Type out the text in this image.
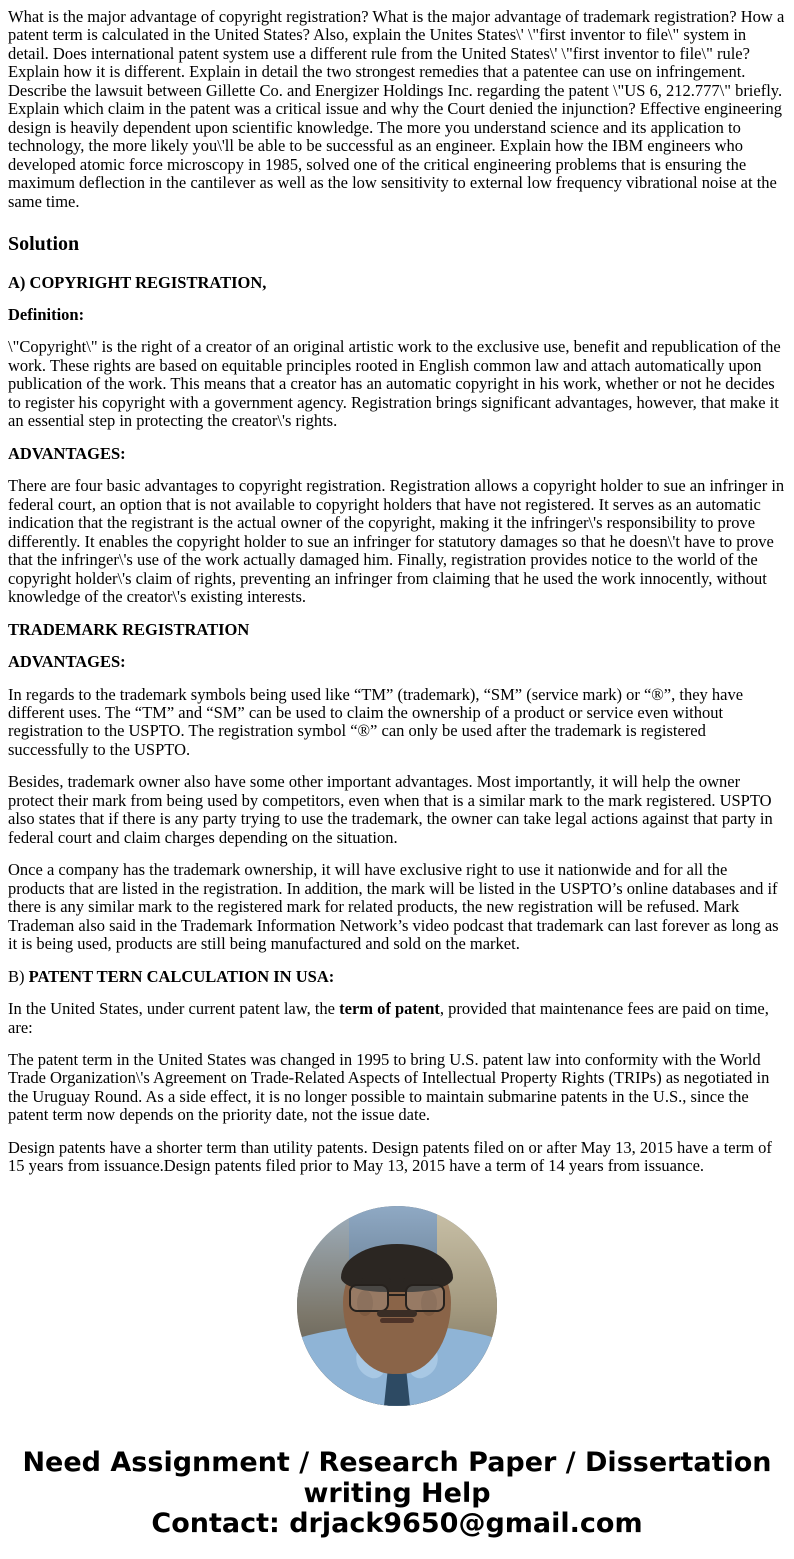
What is the major advantage of copyright registration? What is the major advantage of trademark registration? How a patent term is calculated in the United States? Also, explain the Unites States\' \"first inventor to file\" system in detail. Does international patent system use a different rule from the United States\' \"first inventor to file\" rule? Explain how it is different. Explain in detail the two strongest remedies that a patentee can use on infringement. Describe the lawsuit between Gillette Co. and Energizer Holdings Inc. regarding the patent \"US 6, 212.777\" briefly. Explain which claim in the patent was a critical issue and why the Court denied the injunction? Effective engineering design is heavily dependent upon scientific knowledge. The more you understand science and its application to technology, the more likely you\'ll be able to be successful as an engineer. Explain how the IBM engineers who developed atomic force microscopy in 1985, solved one of the critical engineering problems that is ensuring the maximum deflection in the cantilever as well as the low sensitivity to external low frequency vibrational noise at the same time.

Solution

A) COPYRIGHT REGISTRATION,

Definition:

\"Copyright\" is the right of a creator of an original artistic work to the exclusive use, benefit and republication of the work. These rights are based on equitable principles rooted in English common law and attach automatically upon publication of the work. This means that a creator has an automatic copyright in his work, whether or not he decides to register his copyright with a government agency. Registration brings significant advantages, however, that make it an essential step in protecting the creator\'s rights.

ADVANTAGES:

There are four basic advantages to copyright registration. Registration allows a copyright holder to sue an infringer in federal court, an option that is not available to copyright holders that have not registered. It serves as an automatic indication that the registrant is the actual owner of the copyright, making it the infringer\'s responsibility to prove differently. It enables the copyright holder to sue an infringer for statutory damages so that he doesn\'t have to prove that the infringer\'s use of the work actually damaged him. Finally, registration provides notice to the world of the copyright holder\'s claim of rights, preventing an infringer from claiming that he used the work innocently, without knowledge of the creator\'s existing interests.

TRADEMARK REGISTRATION

ADVANTAGES:

In regards to the trademark symbols being used like “TM” (trademark), “SM” (service mark) or “®”, they have different uses. The “TM” and “SM” can be used to claim the ownership of a product or service even without registration to the USPTO. The registration symbol “®” can only be used after the trademark is registered successfully to the USPTO.

Besides, trademark owner also have some other important advantages. Most importantly, it will help the owner protect their mark from being used by competitors, even when that is a similar mark to the mark registered. USPTO also states that if there is any party trying to use the trademark, the owner can take legal actions against that party in federal court and claim charges depending on the situation.

Once a company has the trademark ownership, it will have exclusive right to use it nationwide and for all the products that are listed in the registration. In addition, the mark will be listed in the USPTO’s online databases and if there is any similar mark to the registered mark for related products, the new registration will be refused. Mark Trademan also said in the Trademark Information Network’s video podcast that trademark can last forever as long as it is being used, products are still being manufactured and sold on the market.

B) PATENT TERN CALCULATION IN USA:

In the United States, under current patent law, the term of patent, provided that maintenance fees are paid on time, are:

The patent term in the United States was changed in 1995 to bring U.S. patent law into conformity with the World Trade Organization\'s Agreement on Trade-Related Aspects of Intellectual Property Rights (TRIPs) as negotiated in the Uruguay Round. As a side effect, it is no longer possible to maintain submarine patents in the U.S., since the patent term now depends on the priority date, not the issue date.

Design patents have a shorter term than utility patents. Design patents filed on or after May 13, 2015 have a term of 15 years from issuance.Design patents filed prior to May 13, 2015 have a term of 14 years from issuance.

Need Assignment / Research Paper / Dissertation
writing Help
Contact: drjack9650@gmail.com
